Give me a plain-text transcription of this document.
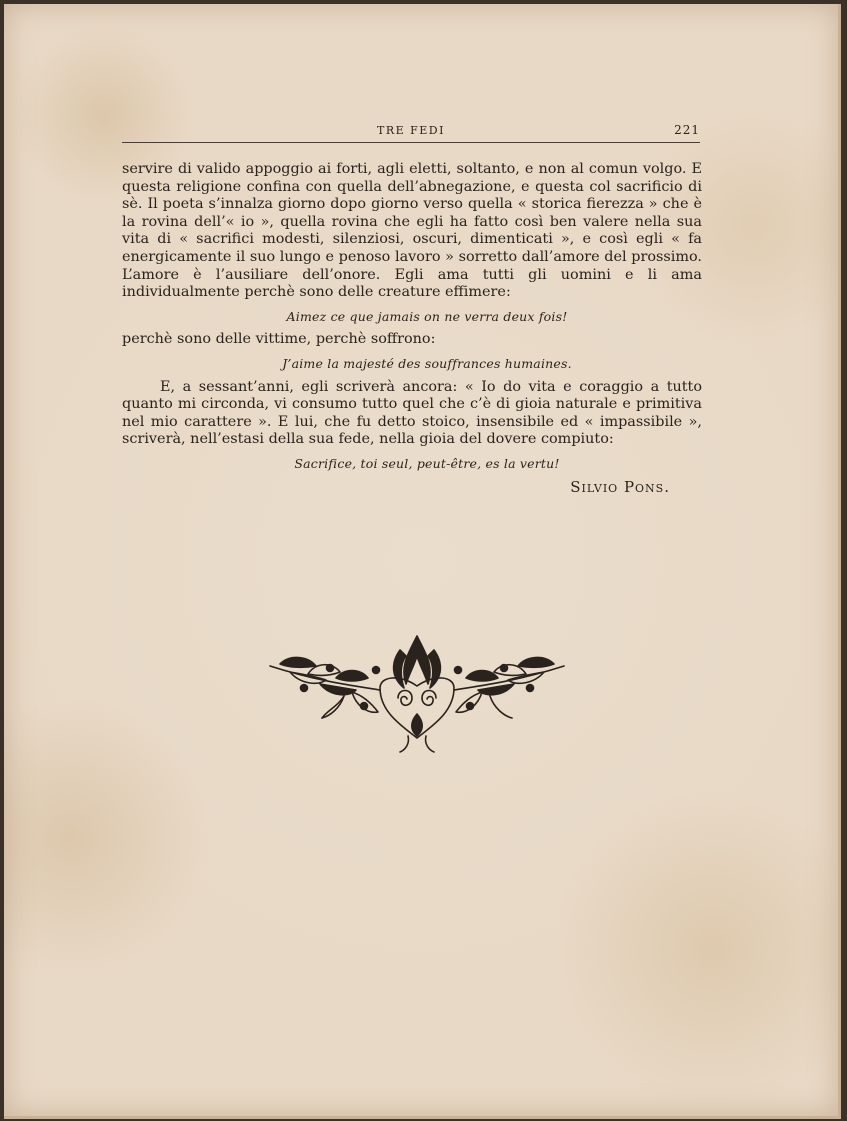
TRE FEDI	221

servire di valido appoggio ai forti, agli eletti, soltanto, e non al comun volgo. E questa religione confina con quella dell’abnegazione, e questa col sacrificio di sè. Il poeta s’innalza giorno dopo giorno verso quella « storica fierezza » che è la rovina dell’« io », quella rovina che egli ha fatto così ben valere nella sua vita di « sacrifici modesti, silenziosi, oscuri, dimenticati », e così egli « fa energicamente il suo lungo e penoso lavoro » sorretto dall’amore del prossimo. L’amore è l’ausiliare dell’onore. Egli ama tutti gli uomini e li ama individualmente perchè sono delle creature effimere:

Aimez ce que jamais on ne verra deux fois!

perchè sono delle vittime, perchè soffrono:

J’aime la majesté des souffrances humaines.

E, a sessant’anni, egli scriverà ancora: « Io do vita e coraggio a tutto quanto mi circonda, vi consumo tutto quel che c’è di gioia naturale e primitiva nel mio carattere ». E lui, che fu detto stoico, insensibile ed « impassibile », scriverà, nell’estasi della sua fede, nella gioia del dovere compiuto:

Sacrifice, toi seul, peut-être, es la vertu!

Silvio Pons.
